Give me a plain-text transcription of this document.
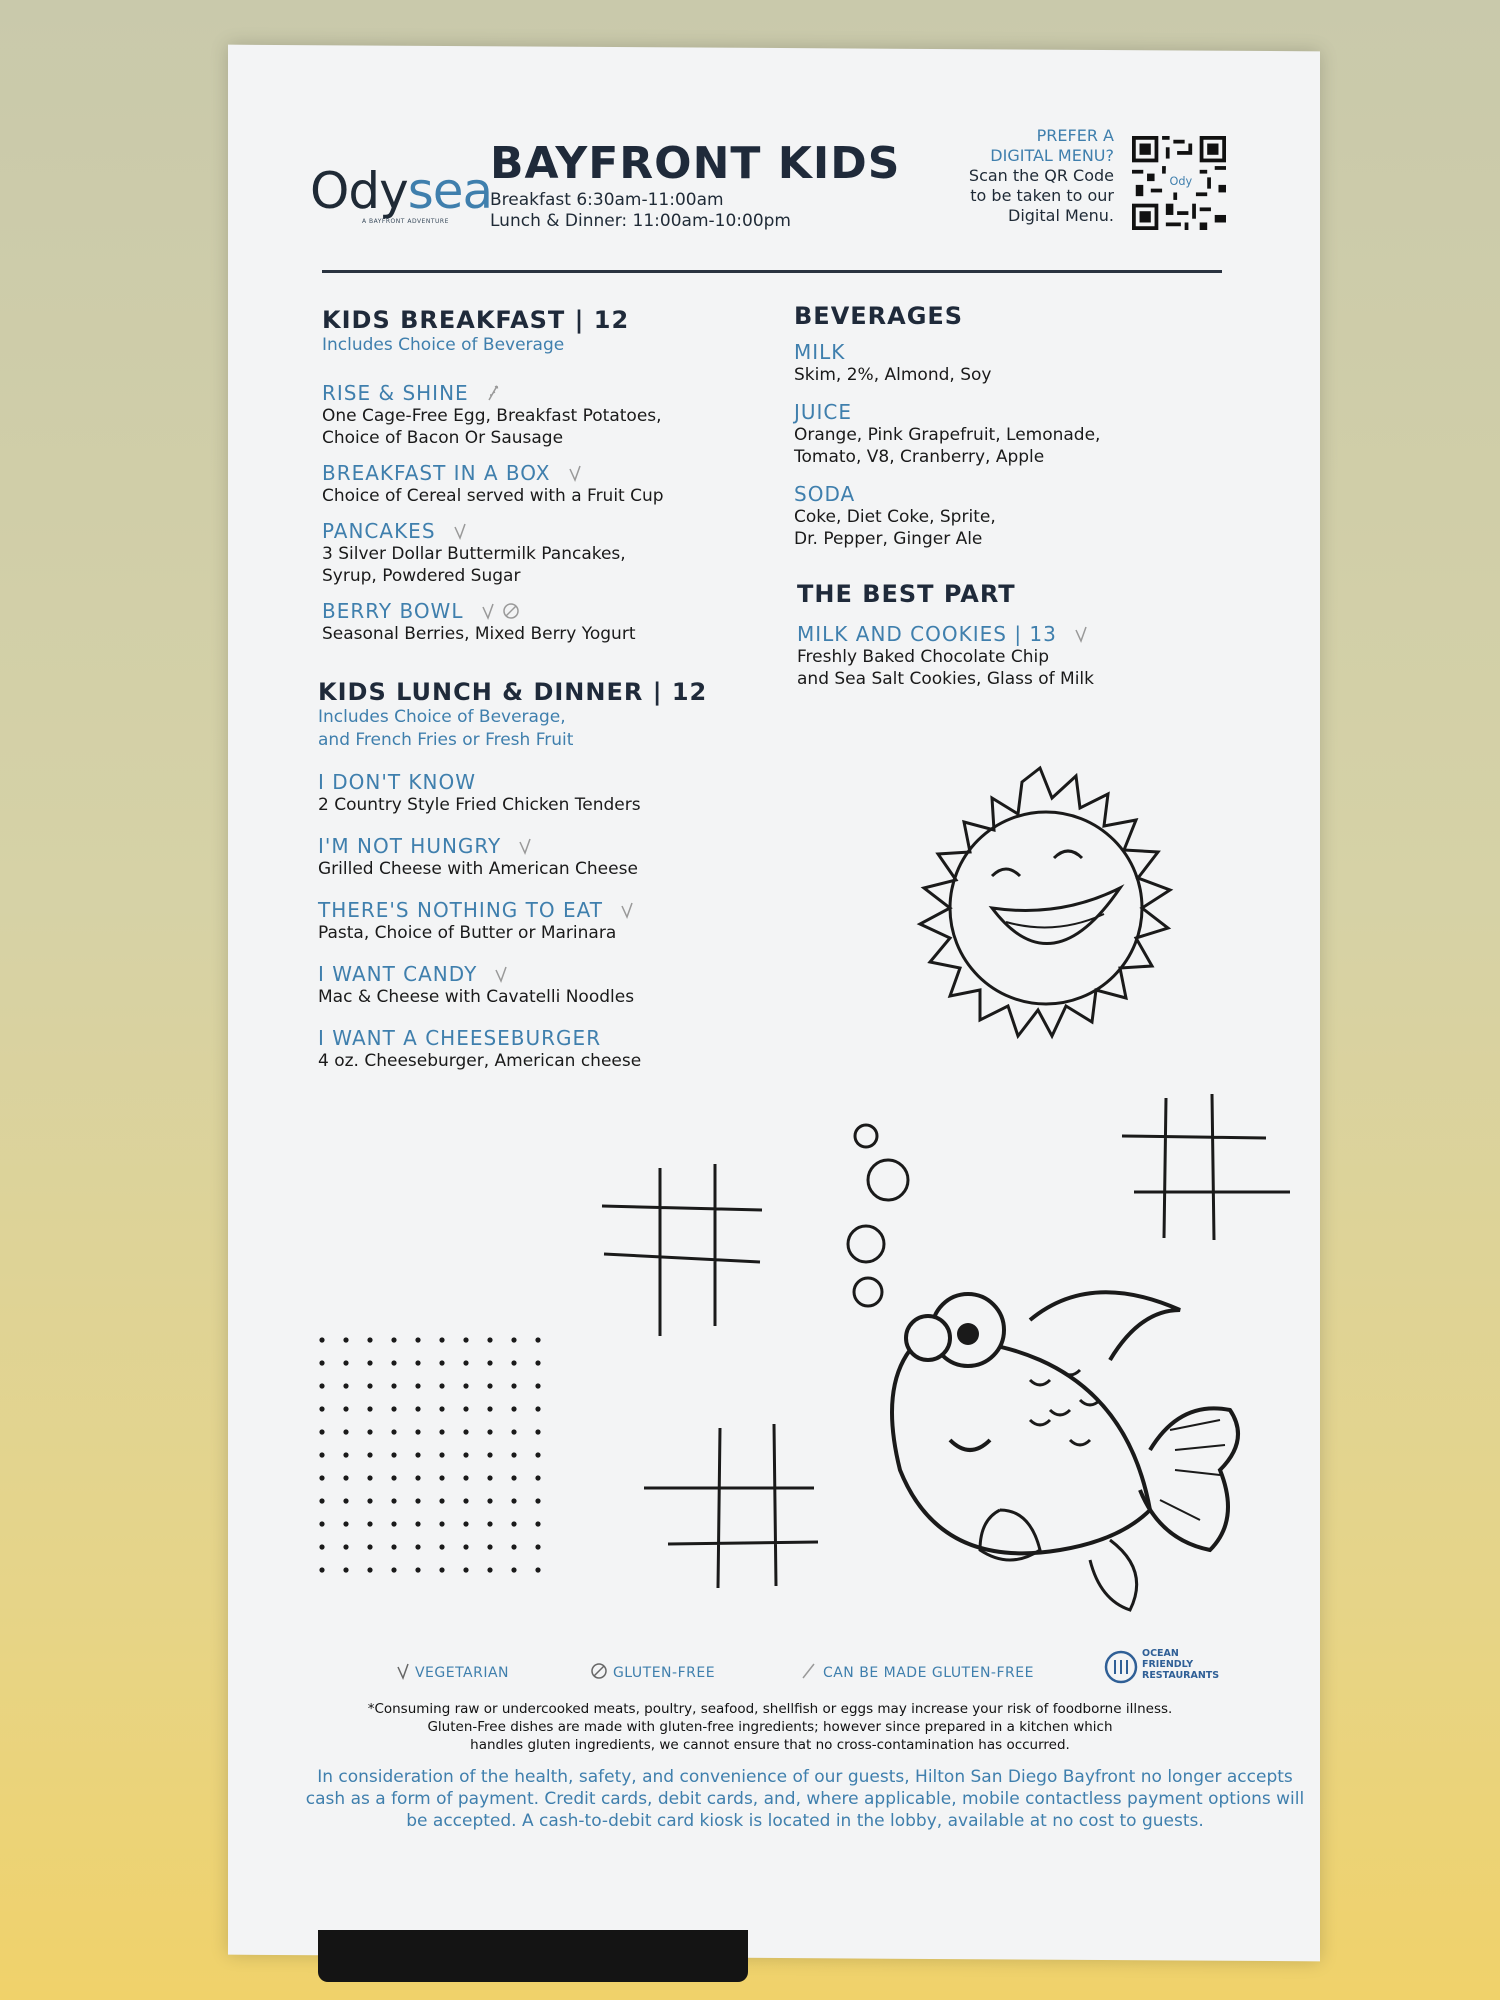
Odysea
A BAYFRONT ADVENTURE
BAYFRONT KIDS
Breakfast 6:30am-11:00am
Lunch & Dinner: 11:00am-10:00pm
PREFER A
DIGITAL MENU?
Scan the QR Code
to be taken to our
Digital Menu.
Ody
KIDS BREAKFAST | 12
Includes Choice of Beverage
RISE & SHINE
One Cage-Free Egg, Breakfast Potatoes,
Choice of Bacon Or Sausage
BREAKFAST IN A BOX
Choice of Cereal served with a Fruit Cup
PANCAKES
3 Silver Dollar Buttermilk Pancakes,
Syrup, Powdered Sugar
BERRY BOWL
Seasonal Berries, Mixed Berry Yogurt
KIDS LUNCH & DINNER | 12
Includes Choice of Beverage,
and French Fries or Fresh Fruit
I DON'T KNOW
2 Country Style Fried Chicken Tenders
I'M NOT HUNGRY
Grilled Cheese with American Cheese
THERE'S NOTHING TO EAT
Pasta, Choice of Butter or Marinara
I WANT CANDY
Mac & Cheese with Cavatelli Noodles
I WANT A CHEESEBURGER
4 oz. Cheeseburger, American cheese
BEVERAGES
MILK
Skim, 2%, Almond, Soy
JUICE
Orange, Pink Grapefruit, Lemonade,
Tomato, V8, Cranberry, Apple
SODA
Coke, Diet Coke, Sprite,
Dr. Pepper, Ginger Ale
THE BEST PART
MILK AND COOKIES | 13
Freshly Baked Chocolate Chip
and Sea Salt Cookies, Glass of Milk
VEGETARIAN	GLUTEN-FREE	CAN BE MADE GLUTEN-FREE
OCEAN
FRIENDLY
RESTAURANTS
*Consuming raw or undercooked meats, poultry, seafood, shellfish or eggs may increase your risk of foodborne illness.
Gluten-Free dishes are made with gluten-free ingredients; however since prepared in a kitchen which
handles gluten ingredients, we cannot ensure that no cross-contamination has occurred.
In consideration of the health, safety, and convenience of our guests, Hilton San Diego Bayfront no longer accepts
cash as a form of payment. Credit cards, debit cards, and, where applicable, mobile contactless payment options will
be accepted. A cash-to-debit card kiosk is located in the lobby, available at no cost to guests.
